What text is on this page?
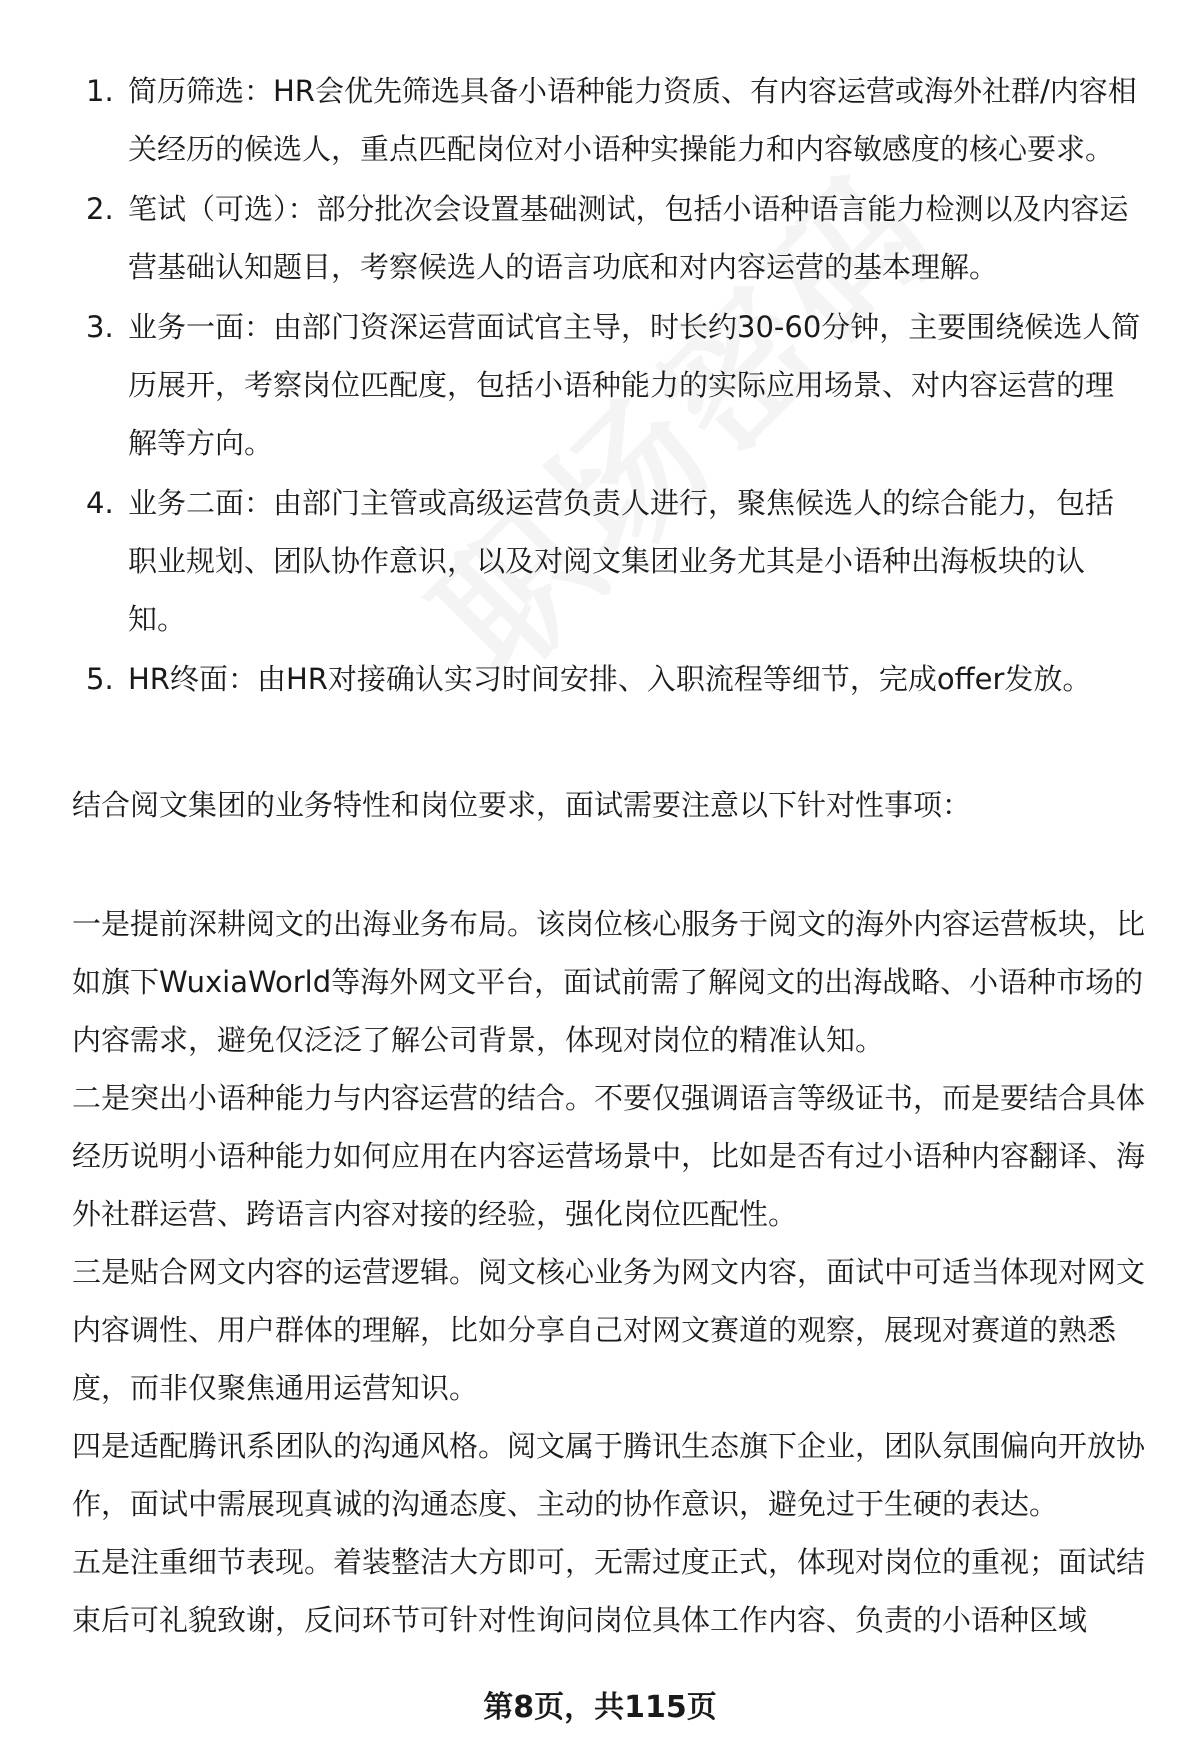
1. 简历筛选：HR会优先筛选具备小语种能力资质、有内容运营或海外社群/内容相关经历的候选人，重点匹配岗位对小语种实操能力和内容敏感度的核心要求。
2. 笔试（可选）：部分批次会设置基础测试，包括小语种语言能力检测以及内容运营基础认知题目，考察候选人的语言功底和对内容运营的基本理解。
3. 业务一面：由部门资深运营面试官主导，时长约30-60分钟，主要围绕候选人简历展开，考察岗位匹配度，包括小语种能力的实际应用场景、对内容运营的理解等方向。
4. 业务二面：由部门主管或高级运营负责人进行，聚焦候选人的综合能力，包括职业规划、团队协作意识，以及对阅文集团业务尤其是小语种出海板块的认知。
5. HR终面：由HR对接确认实习时间安排、入职流程等细节，完成offer发放。

结合阅文集团的业务特性和岗位要求，面试需要注意以下针对性事项：

一是提前深耕阅文的出海业务布局。该岗位核心服务于阅文的海外内容运营板块，比如旗下WuxiaWorld等海外网文平台，面试前需了解阅文的出海战略、小语种市场的内容需求，避免仅泛泛了解公司背景，体现对岗位的精准认知。

二是突出小语种能力与内容运营的结合。不要仅强调语言等级证书，而是要结合具体经历说明小语种能力如何应用在内容运营场景中，比如是否有过小语种内容翻译、海外社群运营、跨语言内容对接的经验，强化岗位匹配性。

三是贴合网文内容的运营逻辑。阅文核心业务为网文内容，面试中可适当体现对网文内容调性、用户群体的理解，比如分享自己对网文赛道的观察，展现对赛道的熟悉度，而非仅聚焦通用运营知识。

四是适配腾讯系团队的沟通风格。阅文属于腾讯生态旗下企业，团队氛围偏向开放协作，面试中需展现真诚的沟通态度、主动的协作意识，避免过于生硬的表达。

五是注重细节表现。着装整洁大方即可，无需过度正式，体现对岗位的重视；面试结束后可礼貌致谢，反问环节可针对性询问岗位具体工作内容、负责的小语种区域

第8页，共115页
